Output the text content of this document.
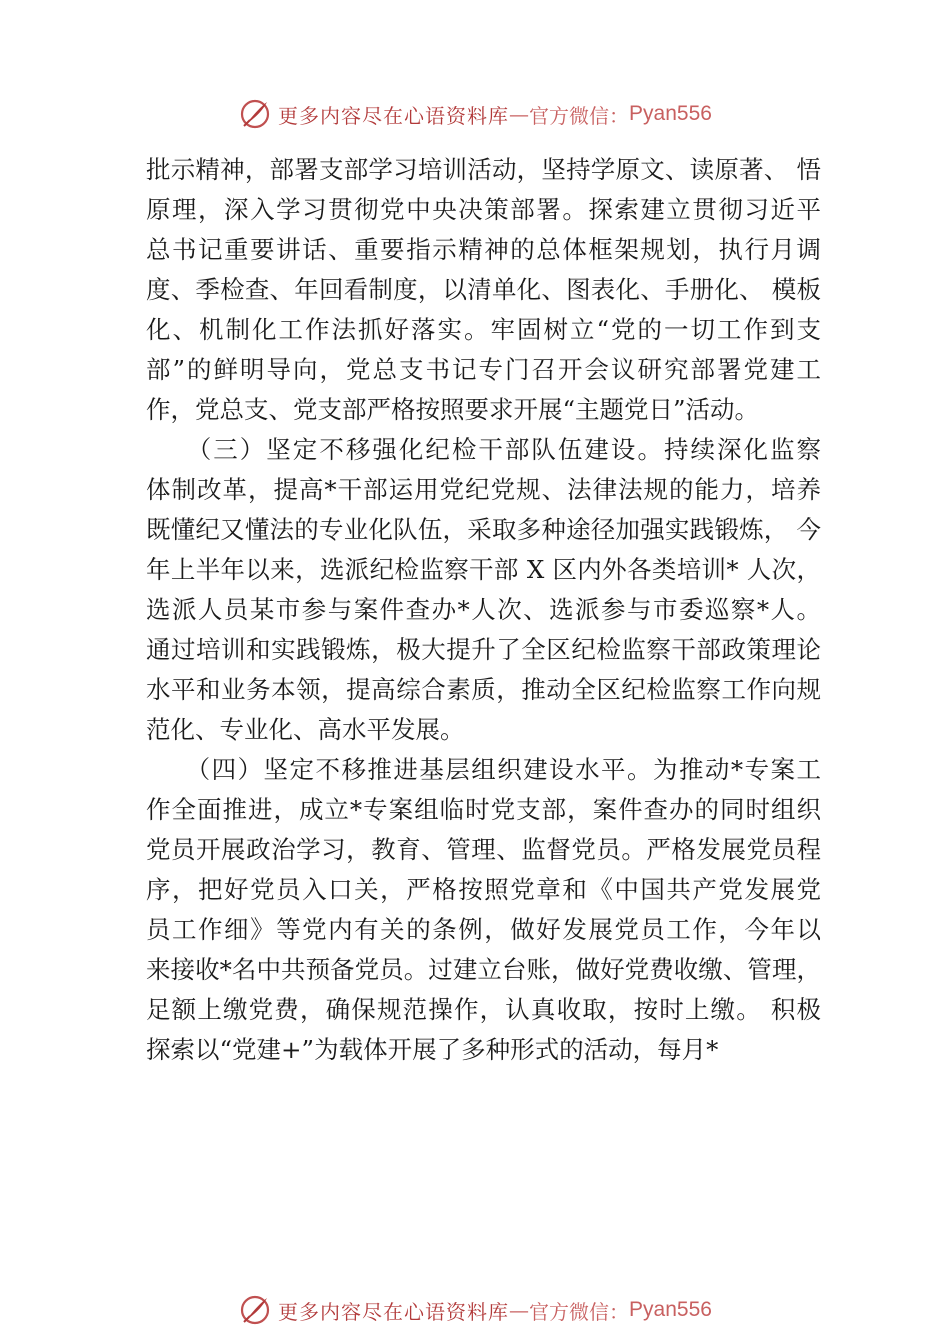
更多内容尽在心语资料库 — 官方微信： Pyan556
批示精神，部署支部学习培训活动，坚持学原文、读原著、 悟
原理，深入学习贯彻党中央决策部署。探索建立贯彻习近平
总书记重要讲话、重要指示精神的总体框架规划，执行月调
度、季检查、年回看制度，以清单化、图表化、手册化、 模板
化、机制化工作法抓好落实。牢固树立“党的一切工作到支
部”的鲜明导向，党总支书记专门召开会议研究部署党建工
作，党总支、党支部严格按照要求开展“主题党日”活动。
　　（三）坚定不移强化纪检干部队伍建设。持续深化监察
体制改革，提高*干部运用党纪党规、法律法规的能力，培养
既懂纪又懂法的专业化队伍，采取多种途径加强实践锻炼， 今
年上半年以来，选派纪检监察干部 X 区内外各类培训* 人次，
选派人员某市参与案件查办*人次、选派参与市委巡察*人。
通过培训和实践锻炼，极大提升了全区纪检监察干部政策理论
水平和业务本领，提高综合素质，推动全区纪检监察工作向规
范化、专业化、高水平发展。
　　（四）坚定不移推进基层组织建设水平。为推动*专案工
作全面推进，成立*专案组临时党支部，案件查办的同时组织
党员开展政治学习，教育、管理、监督党员。严格发展党员程
序，把好党员入口关，严格按照党章和《中国共产党发展党
员工作细》等党内有关的条例，做好发展党员工作，今年以
来接收*名中共预备党员。过建立台账，做好党费收缴、管理，
足额上缴党费，确保规范操作，认真收取，按时上缴。 积极
探索以“党建+”为载体开展了多种形式的活动，每月*
更多内容尽在心语资料库 — 官方微信： Pyan556
